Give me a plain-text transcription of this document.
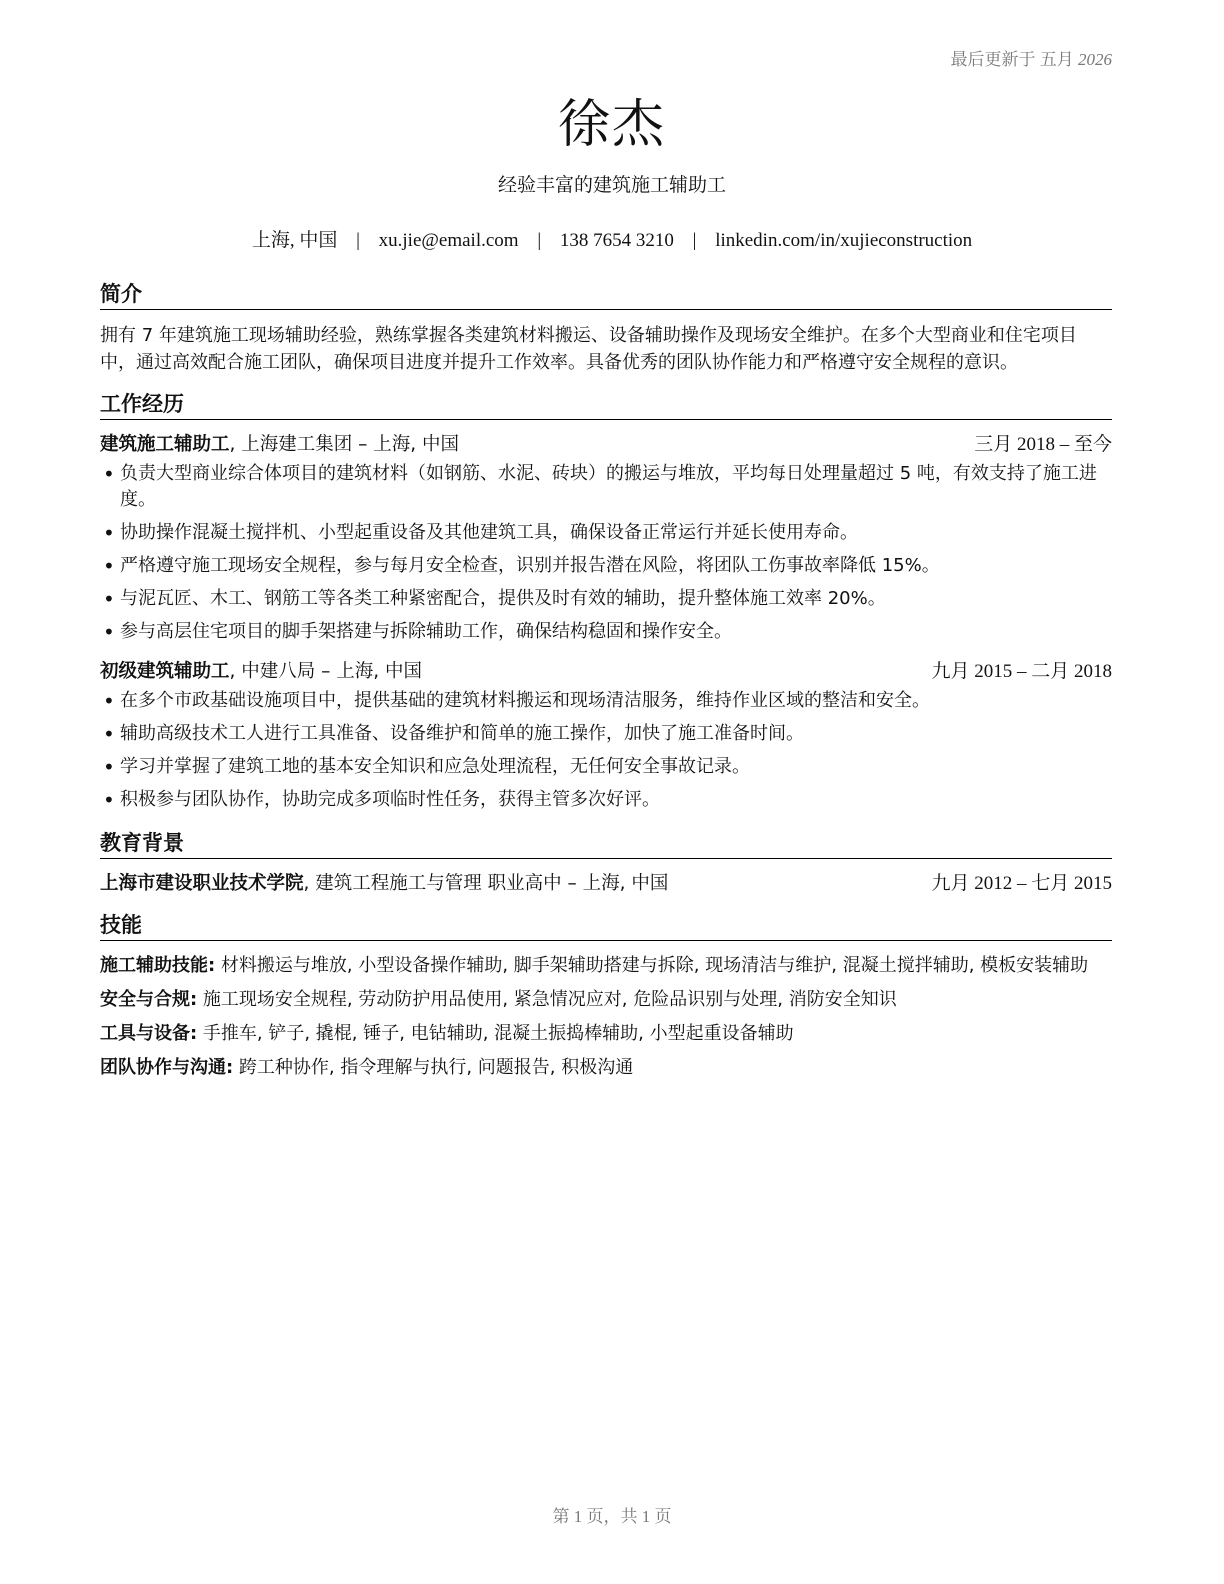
最后更新于 五月 2026
徐杰
经验丰富的建筑施工辅助工
上海, 中国 | xu.jie@email.com | 138 7654 3210 | linkedin.com/in/xujieconstruction
简介

拥有 7 年建筑施工现场辅助经验，熟练掌握各类建筑材料搬运、设备辅助操作及现场安全维护。在多个大型商业和住宅项目中，通过高效配合施工团队，确保项目进度并提升工作效率。具备优秀的团队协作能力和严格遵守安全规程的意识。

工作经历
建筑施工辅助工, 上海建工集团 – 上海, 中国	三月 2018 – 至今
• 负责大型商业综合体项目的建筑材料（如钢筋、水泥、砖块）的搬运与堆放，平均每日处理量超过 5 吨，有效支持了施工进度。
• 协助操作混凝土搅拌机、小型起重设备及其他建筑工具，确保设备正常运行并延长使用寿命。
• 严格遵守施工现场安全规程，参与每月安全检查，识别并报告潜在风险，将团队工伤事故率降低 15%。
• 与泥瓦匠、木工、钢筋工等各类工种紧密配合，提供及时有效的辅助，提升整体施工效率 20%。
• 参与高层住宅项目的脚手架搭建与拆除辅助工作，确保结构稳固和操作安全。
初级建筑辅助工, 中建八局 – 上海, 中国	九月 2015 – 二月 2018
• 在多个市政基础设施项目中，提供基础的建筑材料搬运和现场清洁服务，维持作业区域的整洁和安全。
• 辅助高级技术工人进行工具准备、设备维护和简单的施工操作，加快了施工准备时间。
• 学习并掌握了建筑工地的基本安全知识和应急处理流程，无任何安全事故记录。
• 积极参与团队协作，协助完成多项临时性任务，获得主管多次好评。
教育背景
上海市建设职业技术学院, 建筑工程施工与管理 职业高中 – 上海, 中国	九月 2012 – 七月 2015
技能
施工辅助技能: 材料搬运与堆放, 小型设备操作辅助, 脚手架辅助搭建与拆除, 现场清洁与维护, 混凝土搅拌辅助, 模板安装辅助
安全与合规: 施工现场安全规程, 劳动防护用品使用, 紧急情况应对, 危险品识别与处理, 消防安全知识
工具与设备: 手推车, 铲子, 撬棍, 锤子, 电钻辅助, 混凝土振捣棒辅助, 小型起重设备辅助
团队协作与沟通: 跨工种协作, 指令理解与执行, 问题报告, 积极沟通
第 1 页，共 1 页
